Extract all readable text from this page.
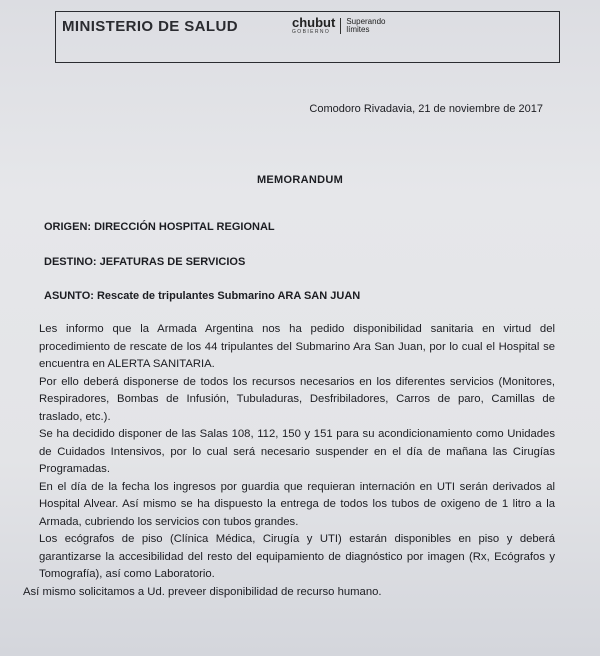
MINISTERIO DE SALUD	chubut
GOBIERNO
Superando
límites
Comodoro Rivadavia, 21 de noviembre de 2017
MEMORANDUM
ORIGEN: DIRECCIÓN HOSPITAL REGIONAL
DESTINO: JEFATURAS DE SERVICIOS
ASUNTO: Rescate de tripulantes Submarino ARA SAN JUAN

Les informo que la Armada Argentina nos ha pedido disponibilidad sanitaria en virtud del procedimiento de rescate de los 44 tripulantes del Submarino Ara San Juan, por lo cual el Hospital se encuentra en ALERTA SANITARIA.

Por ello deberá disponerse de todos los recursos necesarios en los diferentes servicios (Monitores, Respiradores, Bombas de Infusión, Tubuladuras, Desfribiladores, Carros de paro, Camillas de traslado, etc.).

Se ha decidido disponer de las Salas 108, 112, 150 y 151 para su acondicionamiento como Unidades de Cuidados Intensivos, por lo cual será necesario suspender en el día de mañana las Cirugías Programadas.

En el día de la fecha los ingresos por guardia que requieran internación en UTI serán derivados al Hospital Alvear. Así mismo se ha dispuesto la entrega de todos los tubos de oxigeno de 1 litro a la Armada, cubriendo los servicios con tubos grandes.

Los ecógrafos de piso (Clínica Médica, Cirugía y UTI) estarán disponibles en piso y deberá garantizarse la accesibilidad del resto del equipamiento de diagnóstico por imagen (Rx, Ecógrafos y Tomografía), así como Laboratorio.

Así mismo solicitamos a Ud. preveer disponibilidad de recurso humano.
